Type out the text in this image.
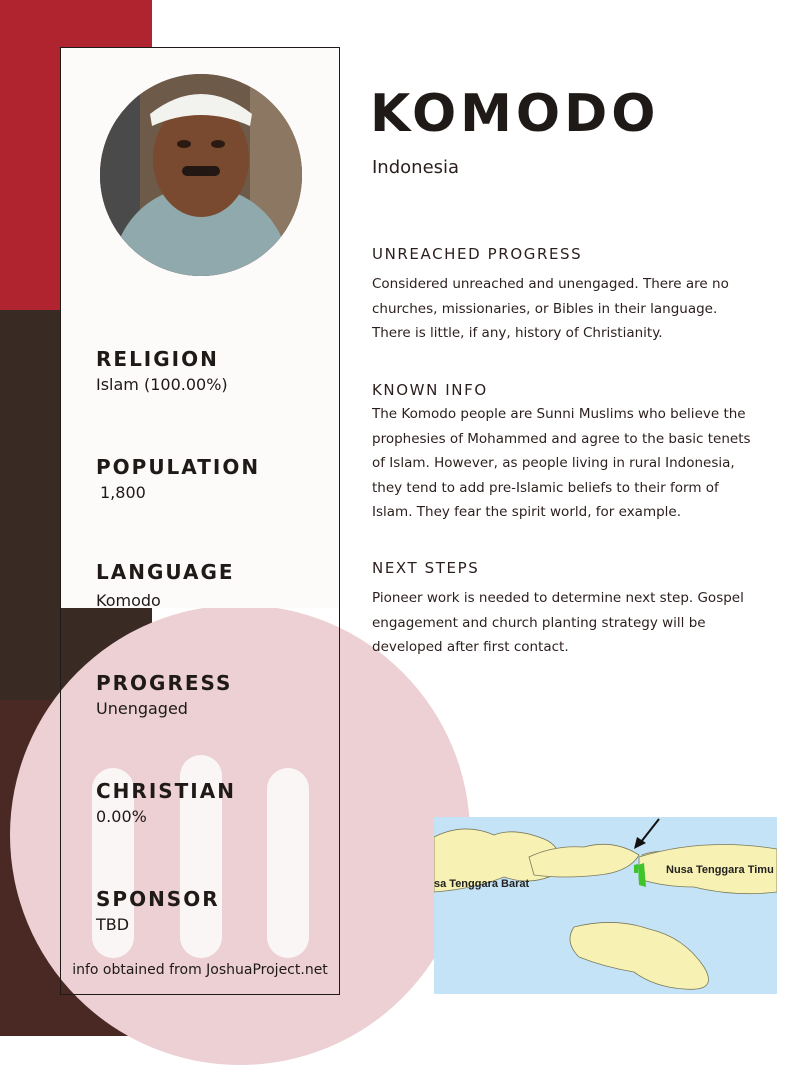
RELIGION
Islam (100.00%)
POPULATION
1,800
LANGUAGE
Komodo
PROGRESS
Unengaged
CHRISTIAN
0.00%
SPONSOR
TBD
info obtained from JoshuaProject.net
KOMODO
Indonesia
UNREACHED PROGRESS
Considered unreached and unengaged. There are no churches, missionaries, or Bibles in their language. There is little, if any, history of Christianity.
KNOWN INFO
The Komodo people are Sunni Muslims who believe the prophesies of Mohammed and agree to the basic tenets of Islam. However, as people living in rural Indonesia, they tend to add pre-Islamic beliefs to their form of Islam. They fear the spirit world, for example.
NEXT STEPS
Pioneer work is needed to determine next step. Gospel engagement and church planting strategy will be developed after first contact.
sa Tenggara Barat
Nusa Tenggara Timu
